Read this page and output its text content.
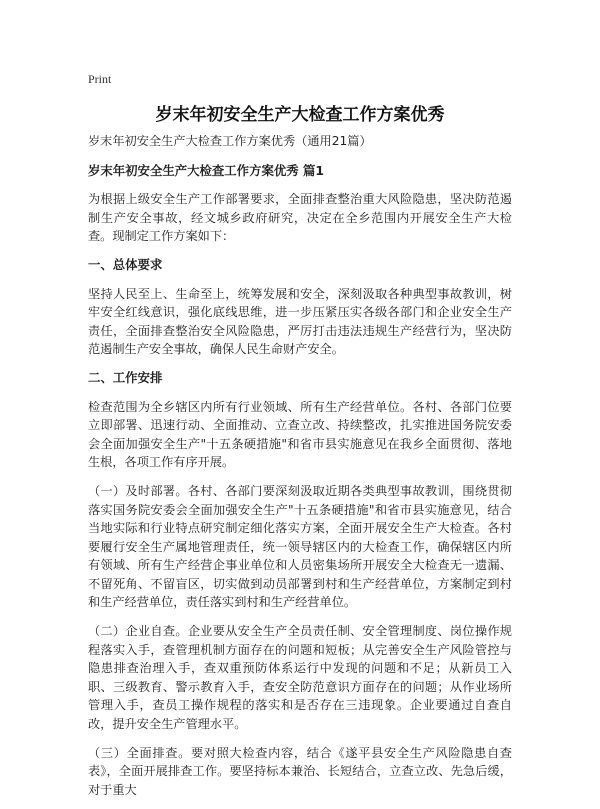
Print
岁末年初安全生产大检查工作方案优秀

岁末年初安全生产大检查工作方案优秀（通用21篇）

岁末年初安全生产大检查工作方案优秀 篇1

为根据上级安全生产工作部署要求，全面排查整治重大风险隐患，坚决防范遏制生产安全事故，经文城乡政府研究，决定在全乡范围内开展安全生产大检查。现制定工作方案如下：

一、总体要求

坚持人民至上、生命至上，统筹发展和安全，深刻汲取各种典型事故教训，树牢安全红线意识，强化底线思维，进一步压紧压实各级各部门和企业安全生产责任，全面排查整治安全风险隐患，严厉打击违法违规生产经营行为，坚决防范遏制生产安全事故，确保人民生命财产安全。

二、工作安排

检查范围为全乡辖区内所有行业领域、所有生产经营单位。各村、各部门位要立即部署、迅速行动、全面推动、立查立改、持续整改，扎实推进国务院安委会全面加强安全生产"十五条硬措施"和省市县实施意见在我乡全面贯彻、落地生根，各项工作有序开展。

（一）及时部署。各村、各部门要深刻汲取近期各类典型事故教训，围绕贯彻落实国务院安委会全面加强安全生产"十五条硬措施"和省市县实施意见，结合当地实际和行业特点研究制定细化落实方案，全面开展安全生产大检查。各村要履行安全生产属地管理责任，统一领导辖区内的大检查工作，确保辖区内所有领域、所有生产经营企事业单位和人员密集场所开展安全大检查无一遗漏、不留死角、不留盲区，切实做到动员部署到村和生产经营单位，方案制定到村和生产经营单位，责任落实到村和生产经营单位。

（二）企业自查。企业要从安全生产全员责任制、安全管理制度、岗位操作规程落实入手，查管理机制方面存在的问题和短板；从完善安全生产风险管控与隐患排查治理入手，查双重预防体系运行中发现的问题和不足；从新员工入职、三级教育、警示教育入手，查安全防范意识方面存在的问题；从作业场所管理入手，查员工操作规程的落实和是否存在三违现象。企业要通过自查自改，提升安全生产管理水平。

（三）全面排查。要对照大检查内容，结合《遂平县安全生产风险隐患自查表》，全面开展排查工作。要坚持标本兼治、长短结合，立查立改、先急后缓，对于重大
